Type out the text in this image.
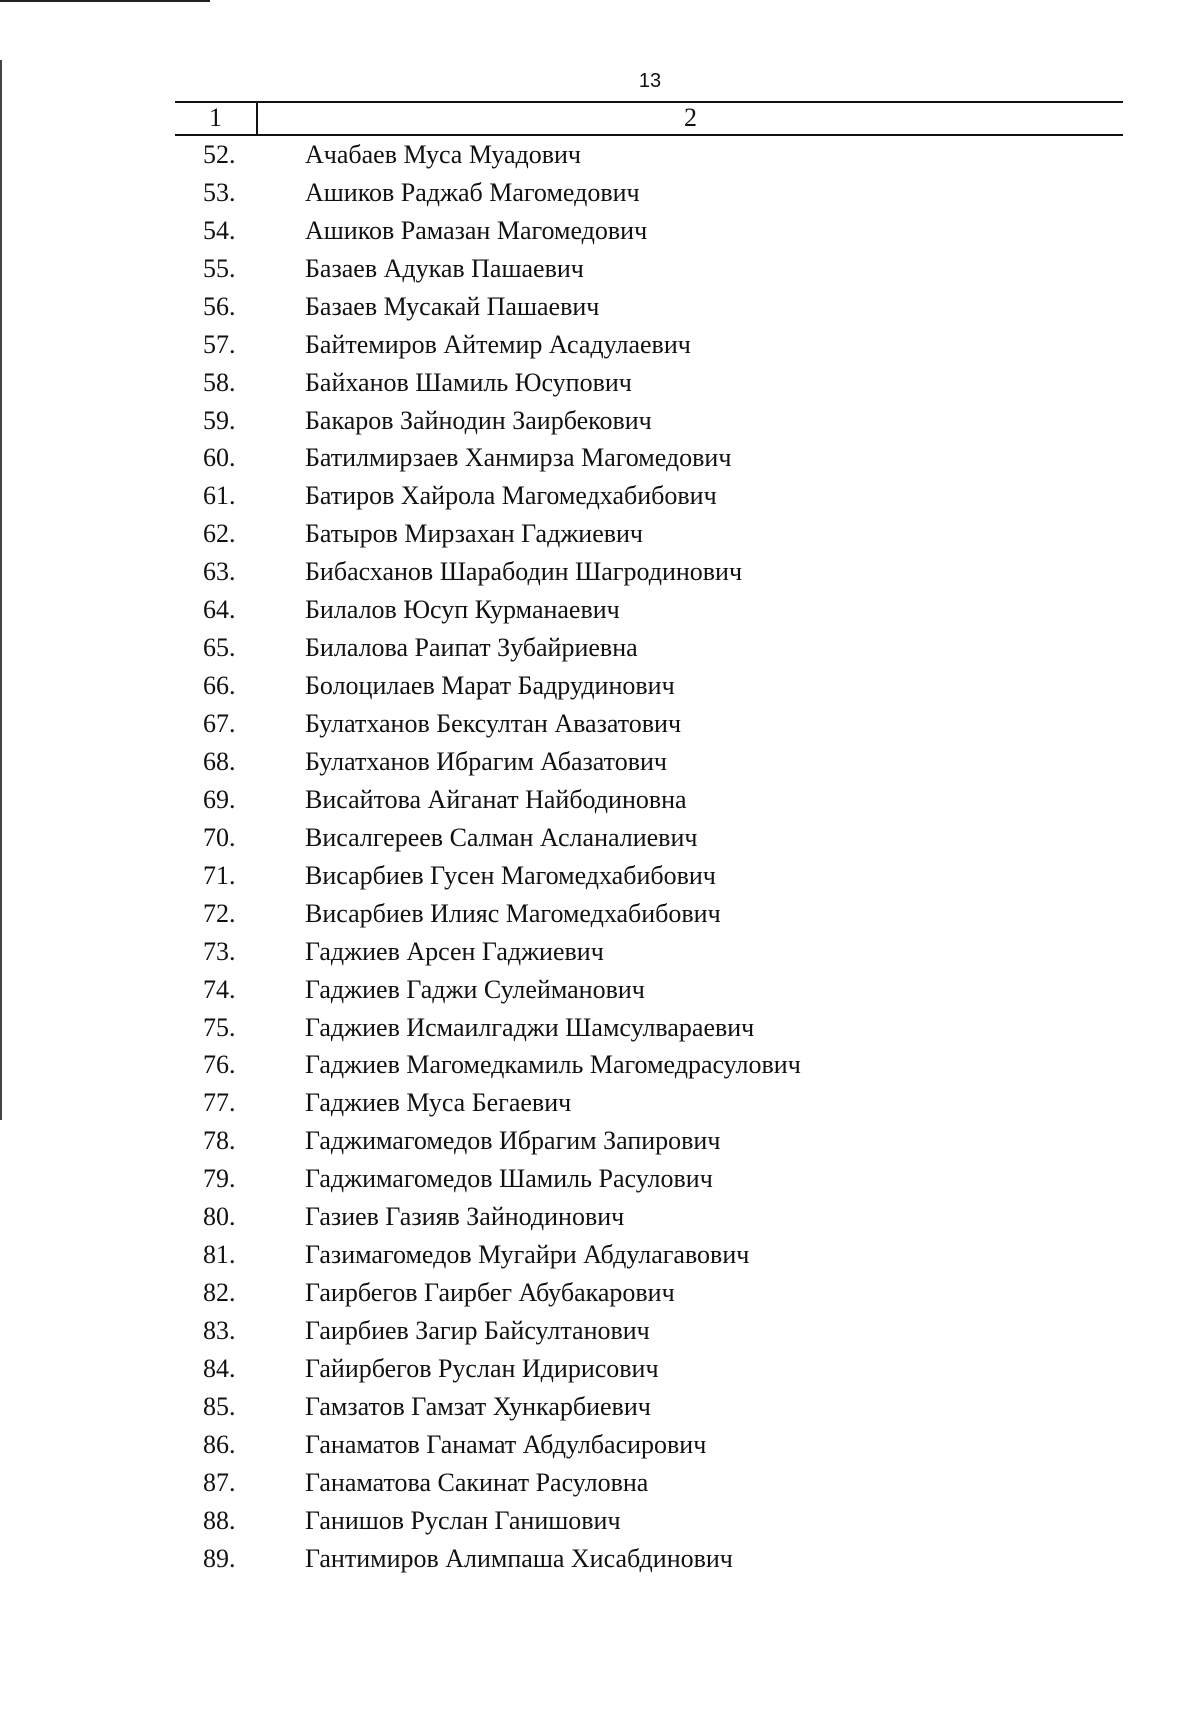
13
1	2
52.	Ачабаев Муса Муадович
53.	Ашиков Раджаб Магомедович
54.	Ашиков Рамазан Магомедович
55.	Базаев Адукав Пашаевич
56.	Базаев Мусакай Пашаевич
57.	Байтемиров Айтемир Асадулаевич
58.	Байханов Шамиль Юсупович
59.	Бакаров Зайнодин Заирбекович
60.	Батилмирзаев Ханмирза Магомедович
61.	Батиров Хайрола Магомедхабибович
62.	Батыров Мирзахан Гаджиевич
63.	Бибасханов Шарабодин Шагродинович
64.	Билалов Юсуп Курманаевич
65.	Билалова Раипат Зубайриевна
66.	Болоцилаев Марат Бадрудинович
67.	Булатханов Бексултан Авазатович
68.	Булатханов Ибрагим Абазатович
69.	Висайтова Айганат Найбодиновна
70.	Висалгереев Салман Асланалиевич
71.	Висарбиев Гусен Магомедхабибович
72.	Висарбиев Илияс Магомедхабибович
73.	Гаджиев Арсен Гаджиевич
74.	Гаджиев Гаджи Сулейманович
75.	Гаджиев Исмаилгаджи Шамсулвараевич
76.	Гаджиев Магомедкамиль Магомедрасулович
77.	Гаджиев Муса Бегаевич
78.	Гаджимагомедов Ибрагим Запирович
79.	Гаджимагомедов Шамиль Расулович
80.	Газиев Газияв Зайнодинович
81.	Газимагомедов Мугайри Абдулагавович
82.	Гаирбегов Гаирбег Абубакарович
83.	Гаирбиев Загир Байсултанович
84.	Гайирбегов Руслан Идирисович
85.	Гамзатов Гамзат Хункарбиевич
86.	Ганаматов Ганамат Абдулбасирович
87.	Ганаматова Сакинат Расуловна
88.	Ганишов Руслан Ганишович
89.	Гантимиров Алимпаша Хисабдинович
